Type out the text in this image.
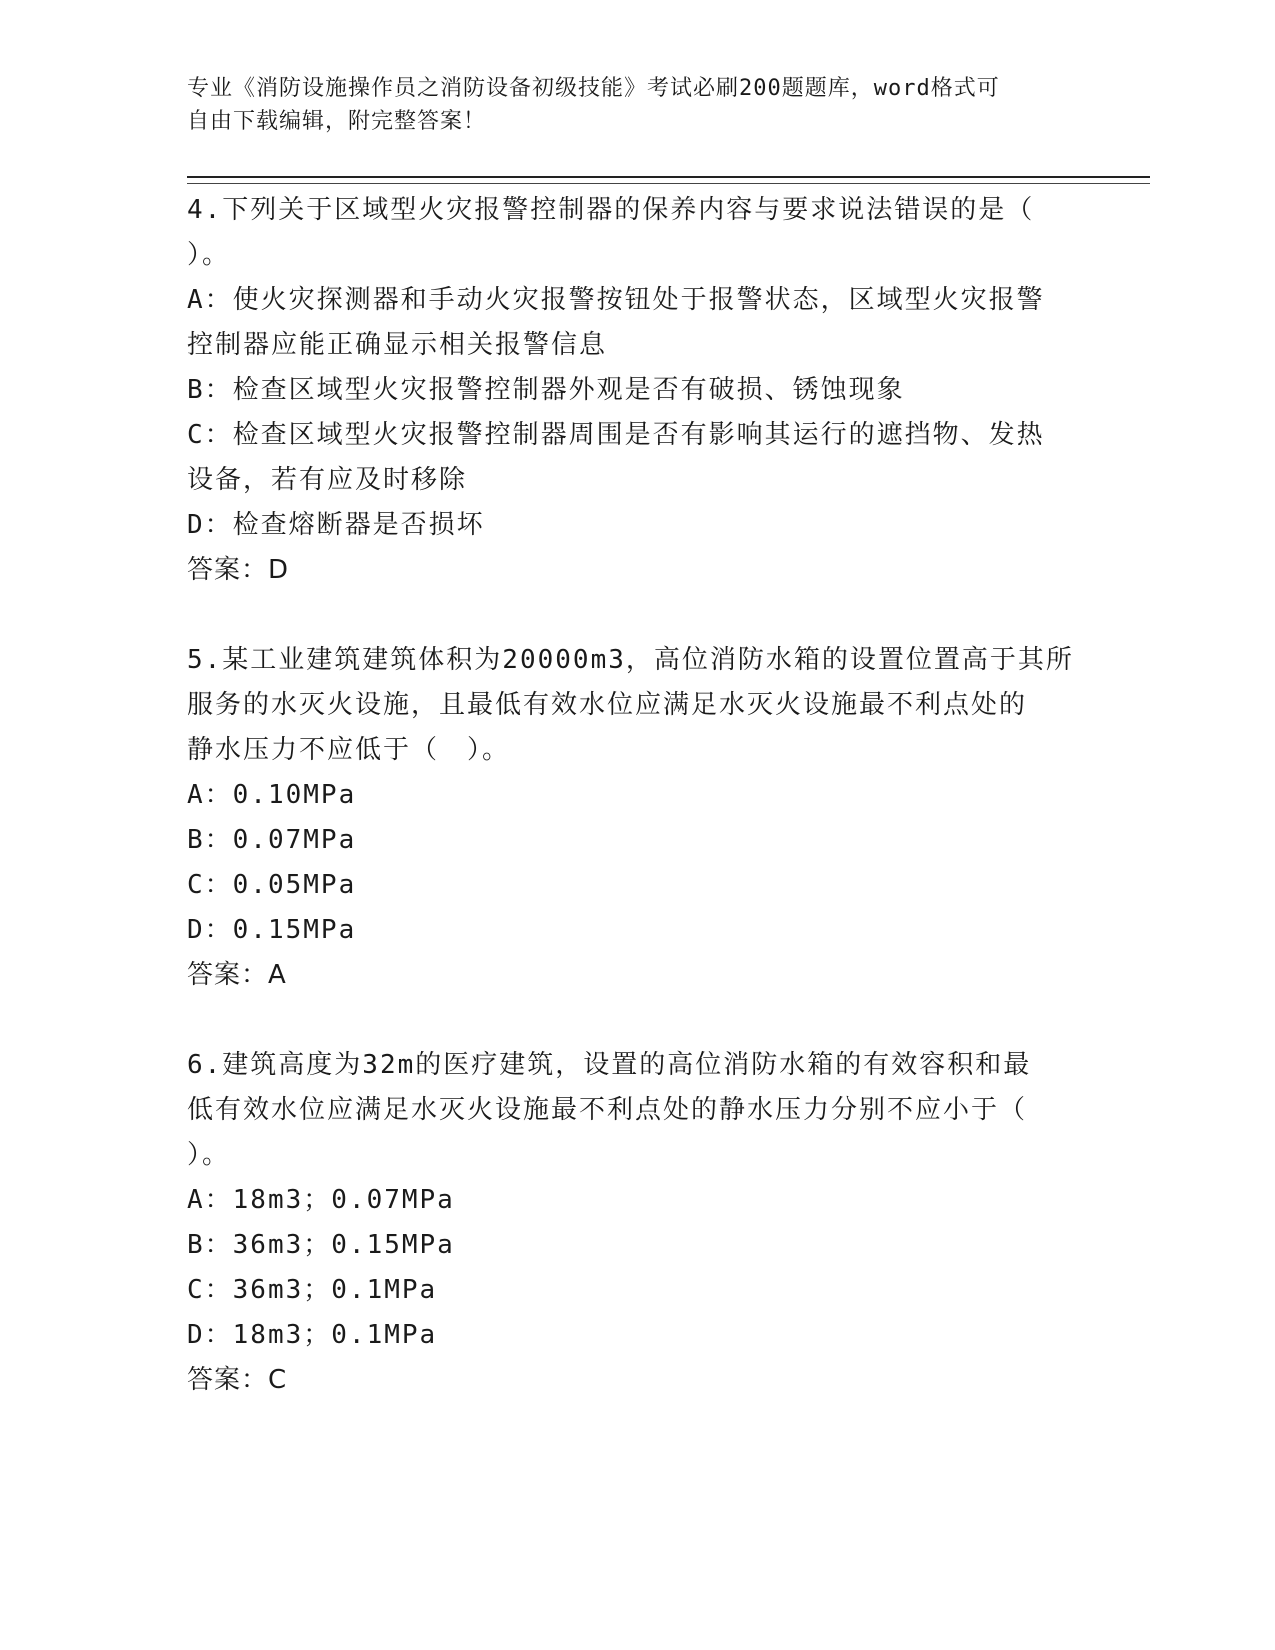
专业《消防设施操作员之消防设备初级技能》考试必刷200题题库，word格式可
自由下载编辑，附完整答案！

4.下列关于区域型火灾报警控制器的保养内容与要求说法错误的是（

）。

A：使火灾探测器和手动火灾报警按钮处于报警状态，区域型火灾报警

控制器应能正确显示相关报警信息

B：检查区域型火灾报警控制器外观是否有破损、锈蚀现象

C：检查区域型火灾报警控制器周围是否有影响其运行的遮挡物、发热

设备，若有应及时移除

D：检查熔断器是否损坏

答案：D

5.某工业建筑建筑体积为20000m3，高位消防水箱的设置位置高于其所

服务的水灭火设施，且最低有效水位应满足水灭火设施最不利点处的

静水压力不应低于（　）。

A：0.10MPa

B：0.07MPa

C：0.05MPa

D：0.15MPa

答案：A

6.建筑高度为32m的医疗建筑，设置的高位消防水箱的有效容积和最

低有效水位应满足水灭火设施最不利点处的静水压力分别不应小于（

）。

A：18m3；0.07MPa

B：36m3；0.15MPa

C：36m3；0.1MPa

D：18m3；0.1MPa

答案：C
